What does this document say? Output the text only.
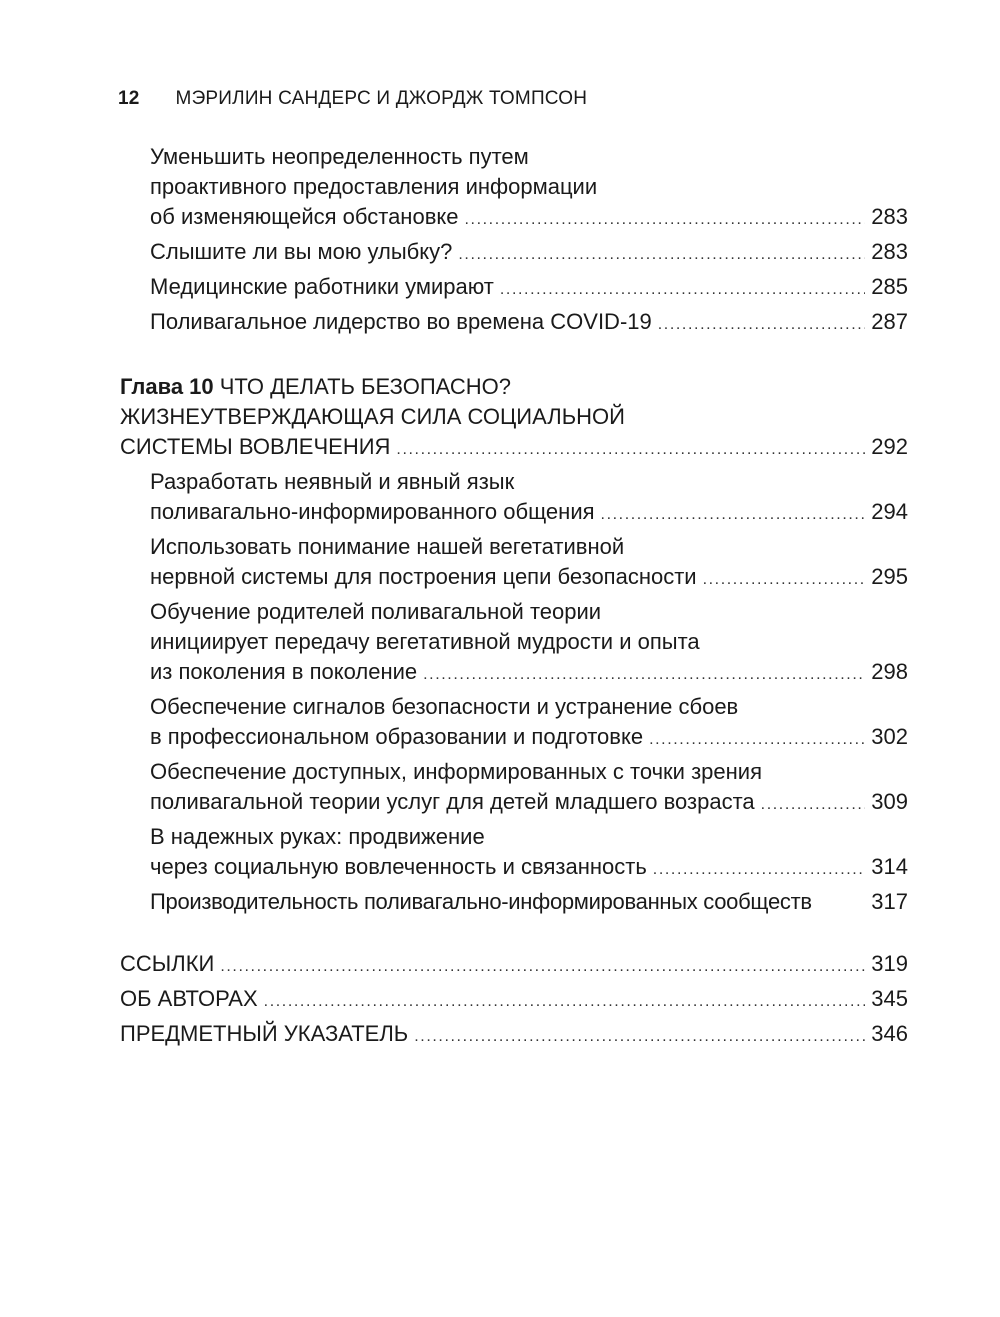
12 МЭРИЛИН САНДЕРС И ДЖОРДЖ ТОМПСОН
Уменьшить неопределенность путем
проактивного предоставления информации
об изменяющейся обстановке .....	283
Слышите ли вы мою улыбку? .....	283
Медицинские работники умирают .....	285
Поливагальное лидерство во времена COVID-19 .....	287
Глава 10 ЧТО ДЕЛАТЬ БЕЗОПАСНО?
ЖИЗНЕУТВЕРЖДАЮЩАЯ СИЛА СОЦИАЛЬНОЙ
СИСТЕМЫ ВОВЛЕЧЕНИЯ .....	292
Разработать неявный и явный язык
поливагально-информированного общения .....	294
Использовать понимание нашей вегетативной
нервной системы для построения цепи безопасности .....	295
Обучение родителей поливагальной теории
инициирует передачу вегетативной мудрости и опыта
из поколения в поколение .....	298
Обеспечение сигналов безопасности и устранение сбоев
в профессиональном образовании и подготовке .....	302
Обеспечение доступных, информированных с точки зрения
поливагальной теории услуг для детей младшего возраста .....	309
В надежных руках: продвижение
через социальную вовлеченность и связанность .....	314
Производительность поливагально-информированных сообществ	317
ССЫЛКИ .....	319
ОБ АВТОРАХ .....	345
ПРЕДМЕТНЫЙ УКАЗАТЕЛЬ .....	346
